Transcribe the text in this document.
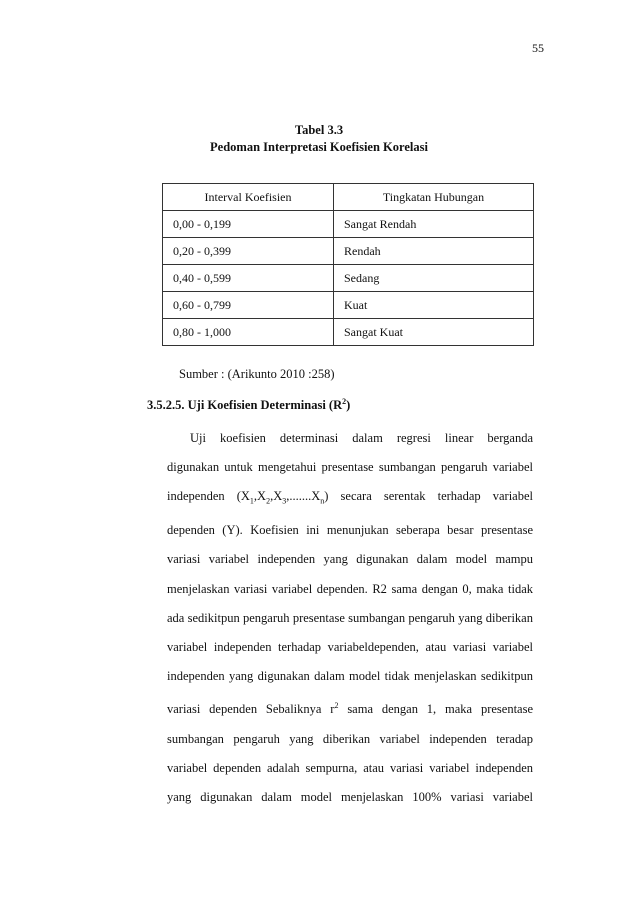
55
Tabel 3.3
Pedoman Interpretasi Koefisien Korelasi
Interval Koefisien	Tingkatan Hubungan
0,00 - 0,199	Sangat Rendah
0,20 - 0,399	Rendah
0,40 - 0,599	Sedang
0,60 - 0,799	Kuat
0,80 - 1,000	Sangat Kuat
Sumber : (Arikunto 2010 :258)
3.5.2.5. Uji Koefisien Determinasi $(R^2)$
Uji koefisien determinasi dalam regresi linear berganda
digunakan untuk mengetahui presentase sumbangan pengaruh variabel
independen $(X_1,X_2,X_3,.......X_n)$ secara serentak terhadap variabel
dependen (Y). Koefisien ini menunjukan seberapa besar presentase
variasi variabel independen yang digunakan dalam model mampu
menjelaskan variasi variabel dependen. R2 sama dengan 0, maka tidak
ada sedikitpun pengaruh presentase sumbangan pengaruh yang diberikan
variabel independen terhadap variabeldependen, atau variasi variabel
independen yang digunakan dalam model tidak menjelaskan sedikitpun
variasi dependen Sebaliknya $r^2$ sama dengan 1, maka presentase
sumbangan pengaruh yang diberikan variabel independen teradap
variabel dependen adalah sempurna, atau variasi variabel independen
yang digunakan dalam model menjelaskan 100% variasi variabel
